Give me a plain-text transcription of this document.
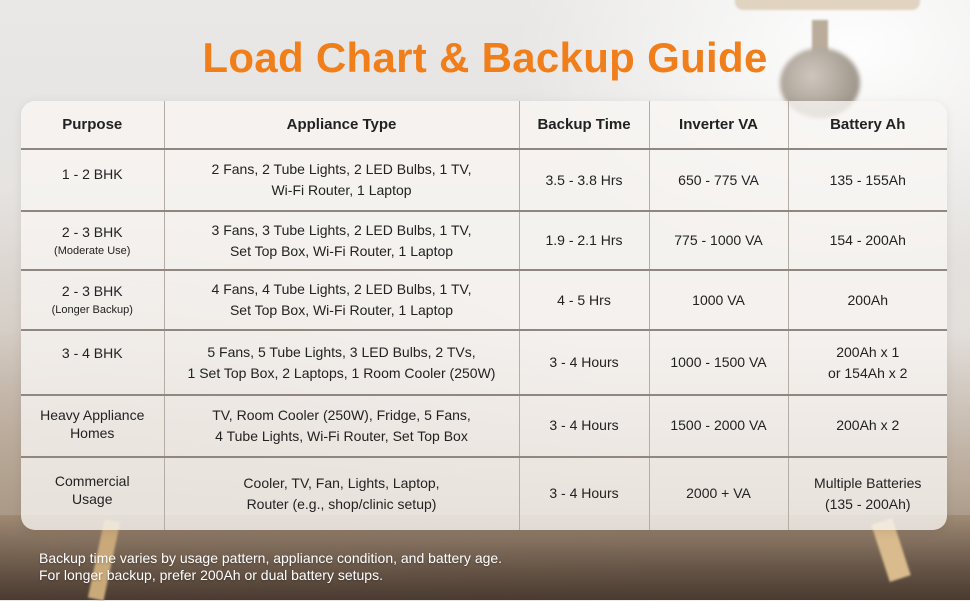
Load Chart & Backup Guide
Purpose	Appliance Type	Backup Time	Inverter VA	Battery Ah
1 - 2 BHK	2 Fans, 2 Tube Lights, 2 LED Bulbs, 1 TV,
Wi-Fi Router, 1 Laptop	3.5 - 3.8 Hrs	650 - 775 VA	135 - 155Ah

2 - 3 BHK
(Moderate Use)	3 Fans, 3 Tube Lights, 2 LED Bulbs, 1 TV,
Set Top Box, Wi-Fi Router, 1 Laptop	1.9 - 2.1 Hrs	775 - 1000 VA	154 - 200Ah

2 - 3 BHK
(Longer Backup)	4 Fans, 4 Tube Lights, 2 LED Bulbs, 1 TV,
Set Top Box, Wi-Fi Router, 1 Laptop	4 - 5 Hrs	1000 VA	200Ah

3 - 4 BHK	5 Fans, 5 Tube Lights, 3 LED Bulbs, 2 TVs,
1 Set Top Box, 2 Laptops, 1 Room Cooler (250W)	3 - 4 Hours	1000 - 1500 VA	200Ah x 1
or 154Ah x 2

Heavy Appliance
Homes	TV, Room Cooler (250W), Fridge, 5 Fans,
4 Tube Lights, Wi-Fi Router, Set Top Box	3 - 4 Hours	1500 - 2000 VA	200Ah x 2

Commercial
Usage	Cooler, TV, Fan, Lights, Laptop,
Router (e.g., shop/clinic setup)	3 - 4 Hours	2000 + VA	Multiple Batteries
(135 - 200Ah)
Backup time varies by usage pattern, appliance condition, and battery age.
For longer backup, prefer 200Ah or dual battery setups.
